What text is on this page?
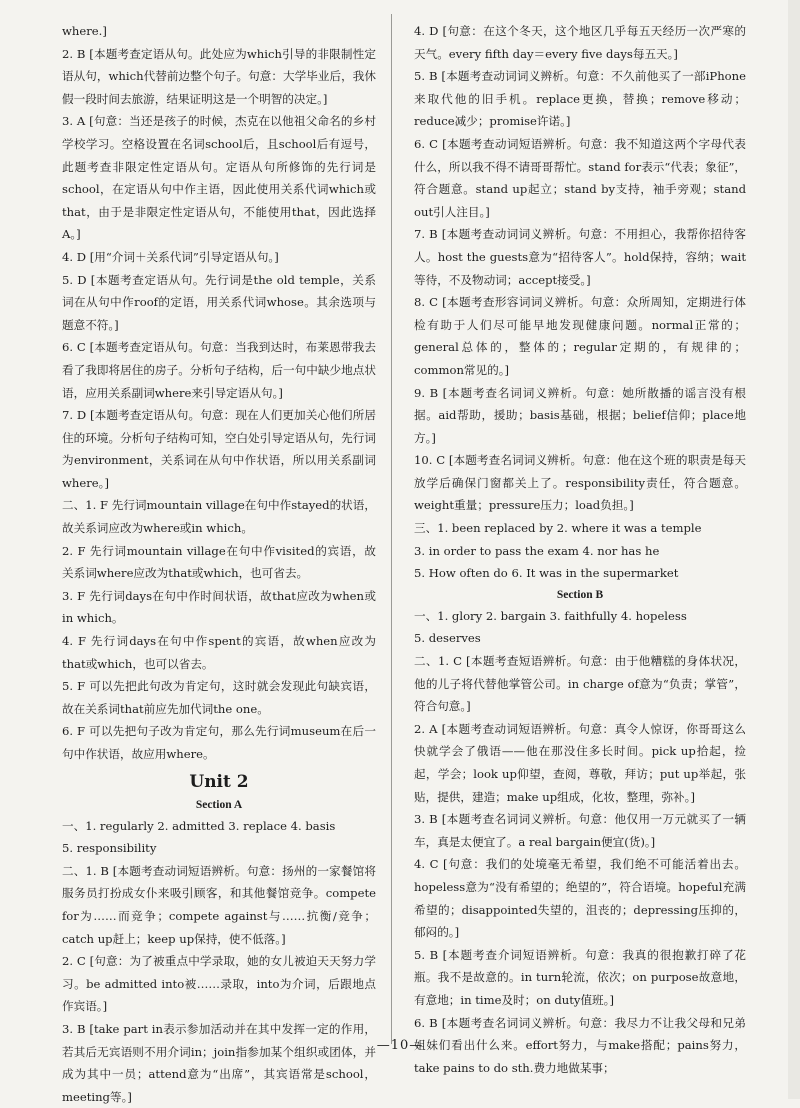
where.]

2. B [本题考查定语从句。此处应为which引导的非限制性定语从句，which代替前边整个句子。句意：大学毕业后，我休假一段时间去旅游，结果证明这是一个明智的决定。]

3. A [句意：当还是孩子的时候，杰克在以他祖父命名的乡村学校学习。空格设置在名词school后，且school后有逗号，此题考查非限定性定语从句。定语从句所修饰的先行词是school，在定语从句中作主语，因此使用关系代词which或that，由于是非限定性定语从句，不能使用that，因此选择A。]

4. D [用“介词＋关系代词”引导定语从句。]

5. D [本题考查定语从句。先行词是the old temple，关系词在从句中作roof的定语，用关系代词whose。其余选项与题意不符。]

6. C [本题考查定语从句。句意：当我到达时，布莱恩带我去看了我即将居住的房子。分析句子结构，后一句中缺少地点状语，应用关系副词where来引导定语从句。]

7. D [本题考查定语从句。句意：现在人们更加关心他们所居住的环境。分析句子结构可知，空白处引导定语从句，先行词为environment，关系词在从句中作状语，所以用关系副词where。]

二、1. F 先行词mountain village在句中作stayed的状语，故关系词应改为where或in which。

2. F 先行词mountain village在句中作visited的宾语，故关系词where应改为that或which，也可省去。

3. F 先行词days在句中作时间状语，故that应改为when或in which。

4. F 先行词days在句中作spent的宾语，故when应改为that或which，也可以省去。

5. F 可以先把此句改为肯定句，这时就会发现此句缺宾语，故在关系词that前应先加代词the one。

6. F 可以先把句子改为肯定句，那么先行词museum在后一句中作状语，故应用where。

Unit 2
Section A

一、1. regularly 2. admitted 3. replace 4. basis

5. responsibility

二、1. B [本题考查动词短语辨析。句意：扬州的一家餐馆将服务员打扮成女仆来吸引顾客，和其他餐馆竞争。compete for为……而竞争；compete against与……抗衡/竞争；catch up赶上；keep up保持，使不低落。]

2. C [句意：为了被重点中学录取，她的女儿被迫天天努力学习。be admitted into被……录取，into为介词，后跟地点作宾语。]

3. B [take part in表示参加活动并在其中发挥一定的作用，若其后无宾语则不用介词in；join指参加某个组织或团体，并成为其中一员；attend意为“出席”，其宾语常是school，meeting等。]

4. D [句意：在这个冬天，这个地区几乎每五天经历一次严寒的天气。every fifth day＝every five days每五天。]

5. B [本题考查动词词义辨析。句意：不久前他买了一部iPhone来取代他的旧手机。replace更换，替换；remove移动；reduce减少；promise许诺。]

6. C [本题考查动词短语辨析。句意：我不知道这两个字母代表什么，所以我不得不请哥哥帮忙。stand for表示“代表；象征”，符合题意。stand up起立；stand by支持，袖手旁观；stand out引人注目。]

7. B [本题考查动词词义辨析。句意：不用担心，我帮你招待客人。host the guests意为“招待客人”。hold保持，容纳；wait等待，不及物动词；accept接受。]

8. C [本题考查形容词词义辨析。句意：众所周知，定期进行体检有助于人们尽可能早地发现健康问题。normal正常的；general总体的，整体的；regular定期的，有规律的；common常见的。]

9. B [本题考查名词词义辨析。句意：她所散播的谣言没有根据。aid帮助，援助；basis基础，根据；belief信仰；place地方。]

10. C [本题考查名词词义辨析。句意：他在这个班的职责是每天放学后确保门窗都关上了。responsibility责任，符合题意。weight重量；pressure压力；load负担。]

三、1. been replaced by 2. where it was a temple

3. in order to pass the exam 4. nor has he

5. How often do 6. It was in the supermarket

Section B

一、1. glory 2. bargain 3. faithfully 4. hopeless

5. deserves

二、1. C [本题考查短语辨析。句意：由于他糟糕的身体状况，他的儿子将代替他掌管公司。in charge of意为“负责；掌管”，符合句意。]

2. A [本题考查动词短语辨析。句意：真令人惊讶，你哥哥这么快就学会了俄语——他在那没住多长时间。pick up拾起，捡起，学会；look up仰望，查阅，尊敬，拜访；put up举起，张贴，提供，建造；make up组成，化妆，整理，弥补。]

3. B [本题考查名词词义辨析。句意：他仅用一万元就买了一辆车，真是太便宜了。a real bargain便宜(货)。]

4. C [句意：我们的处境毫无希望，我们绝不可能活着出去。hopeless意为“没有希望的；绝望的”，符合语境。hopeful充满希望的；disappointed失望的，沮丧的；depressing压抑的，郁闷的。]

5. B [本题考查介词短语辨析。句意：我真的很抱歉打碎了花瓶。我不是故意的。in turn轮流，依次；on purpose故意地，有意地；in time及时；on duty值班。]

6. B [本题考查名词词义辨析。句意：我尽力不让我父母和兄弟姐妹们看出什么来。effort努力，与make搭配；pains努力，take pains to do sth.费力地做某事；

—10—
